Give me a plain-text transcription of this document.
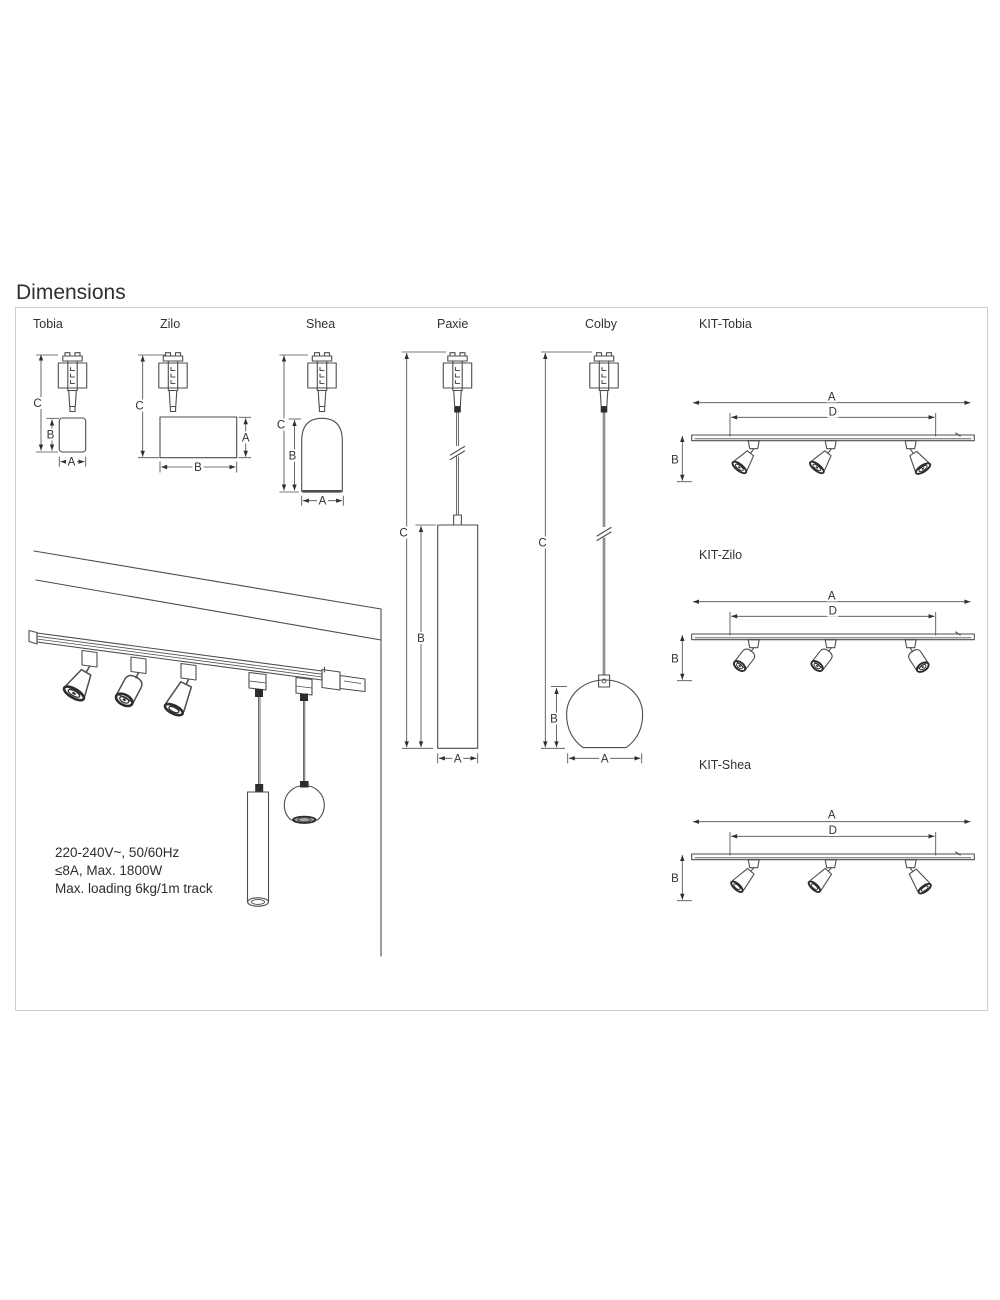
Dimensions
Tobia	Zilo	Shea	Paxie	Colby	KIT-Tobia
KIT-Zilo
KIT-Shea
220-240V~, 50/60Hz
≤8A, Max. 1800W
Max. loading 6kg/1m track
C
B
A
C
A
B
C
B
A
C
B
A
C
B
A
A
D
B
A
D
B
A
D
B
